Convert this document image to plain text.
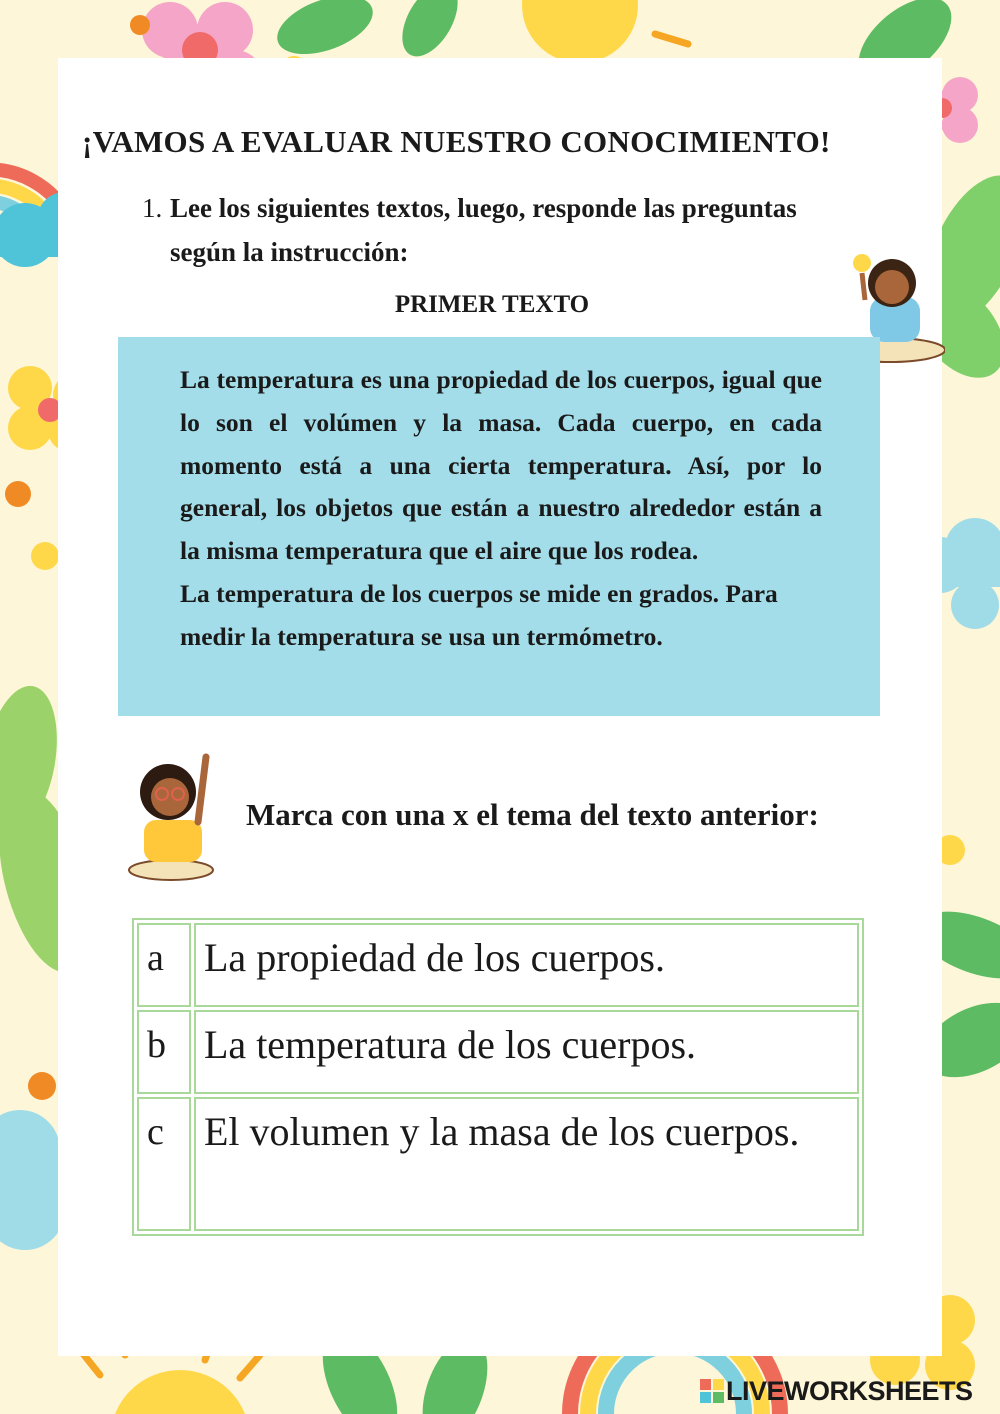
¡VAMOS A EVALUAR NUESTRO CONOCIMIENTO!
1. Lee los siguientes textos, luego, responde las preguntas según la instrucción:
PRIMER TEXTO

La temperatura es una propiedad de los cuerpos, igual que lo son el volúmen y la masa. Cada cuerpo, en cada momento está a una cierta temperatura. Así, por lo general, los objetos que están a nuestro alrededor están a la misma temperatura que el aire que los rodea.
La temperatura de los cuerpos se mide en grados. Para medir la temperatura se usa un termómetro.

Marca con una x el tema del texto anterior:
a	La propiedad de los cuerpos.
b	La temperatura de los cuerpos.
c	El volumen y la masa de los cuerpos.
LIVEWORKSHEETS
